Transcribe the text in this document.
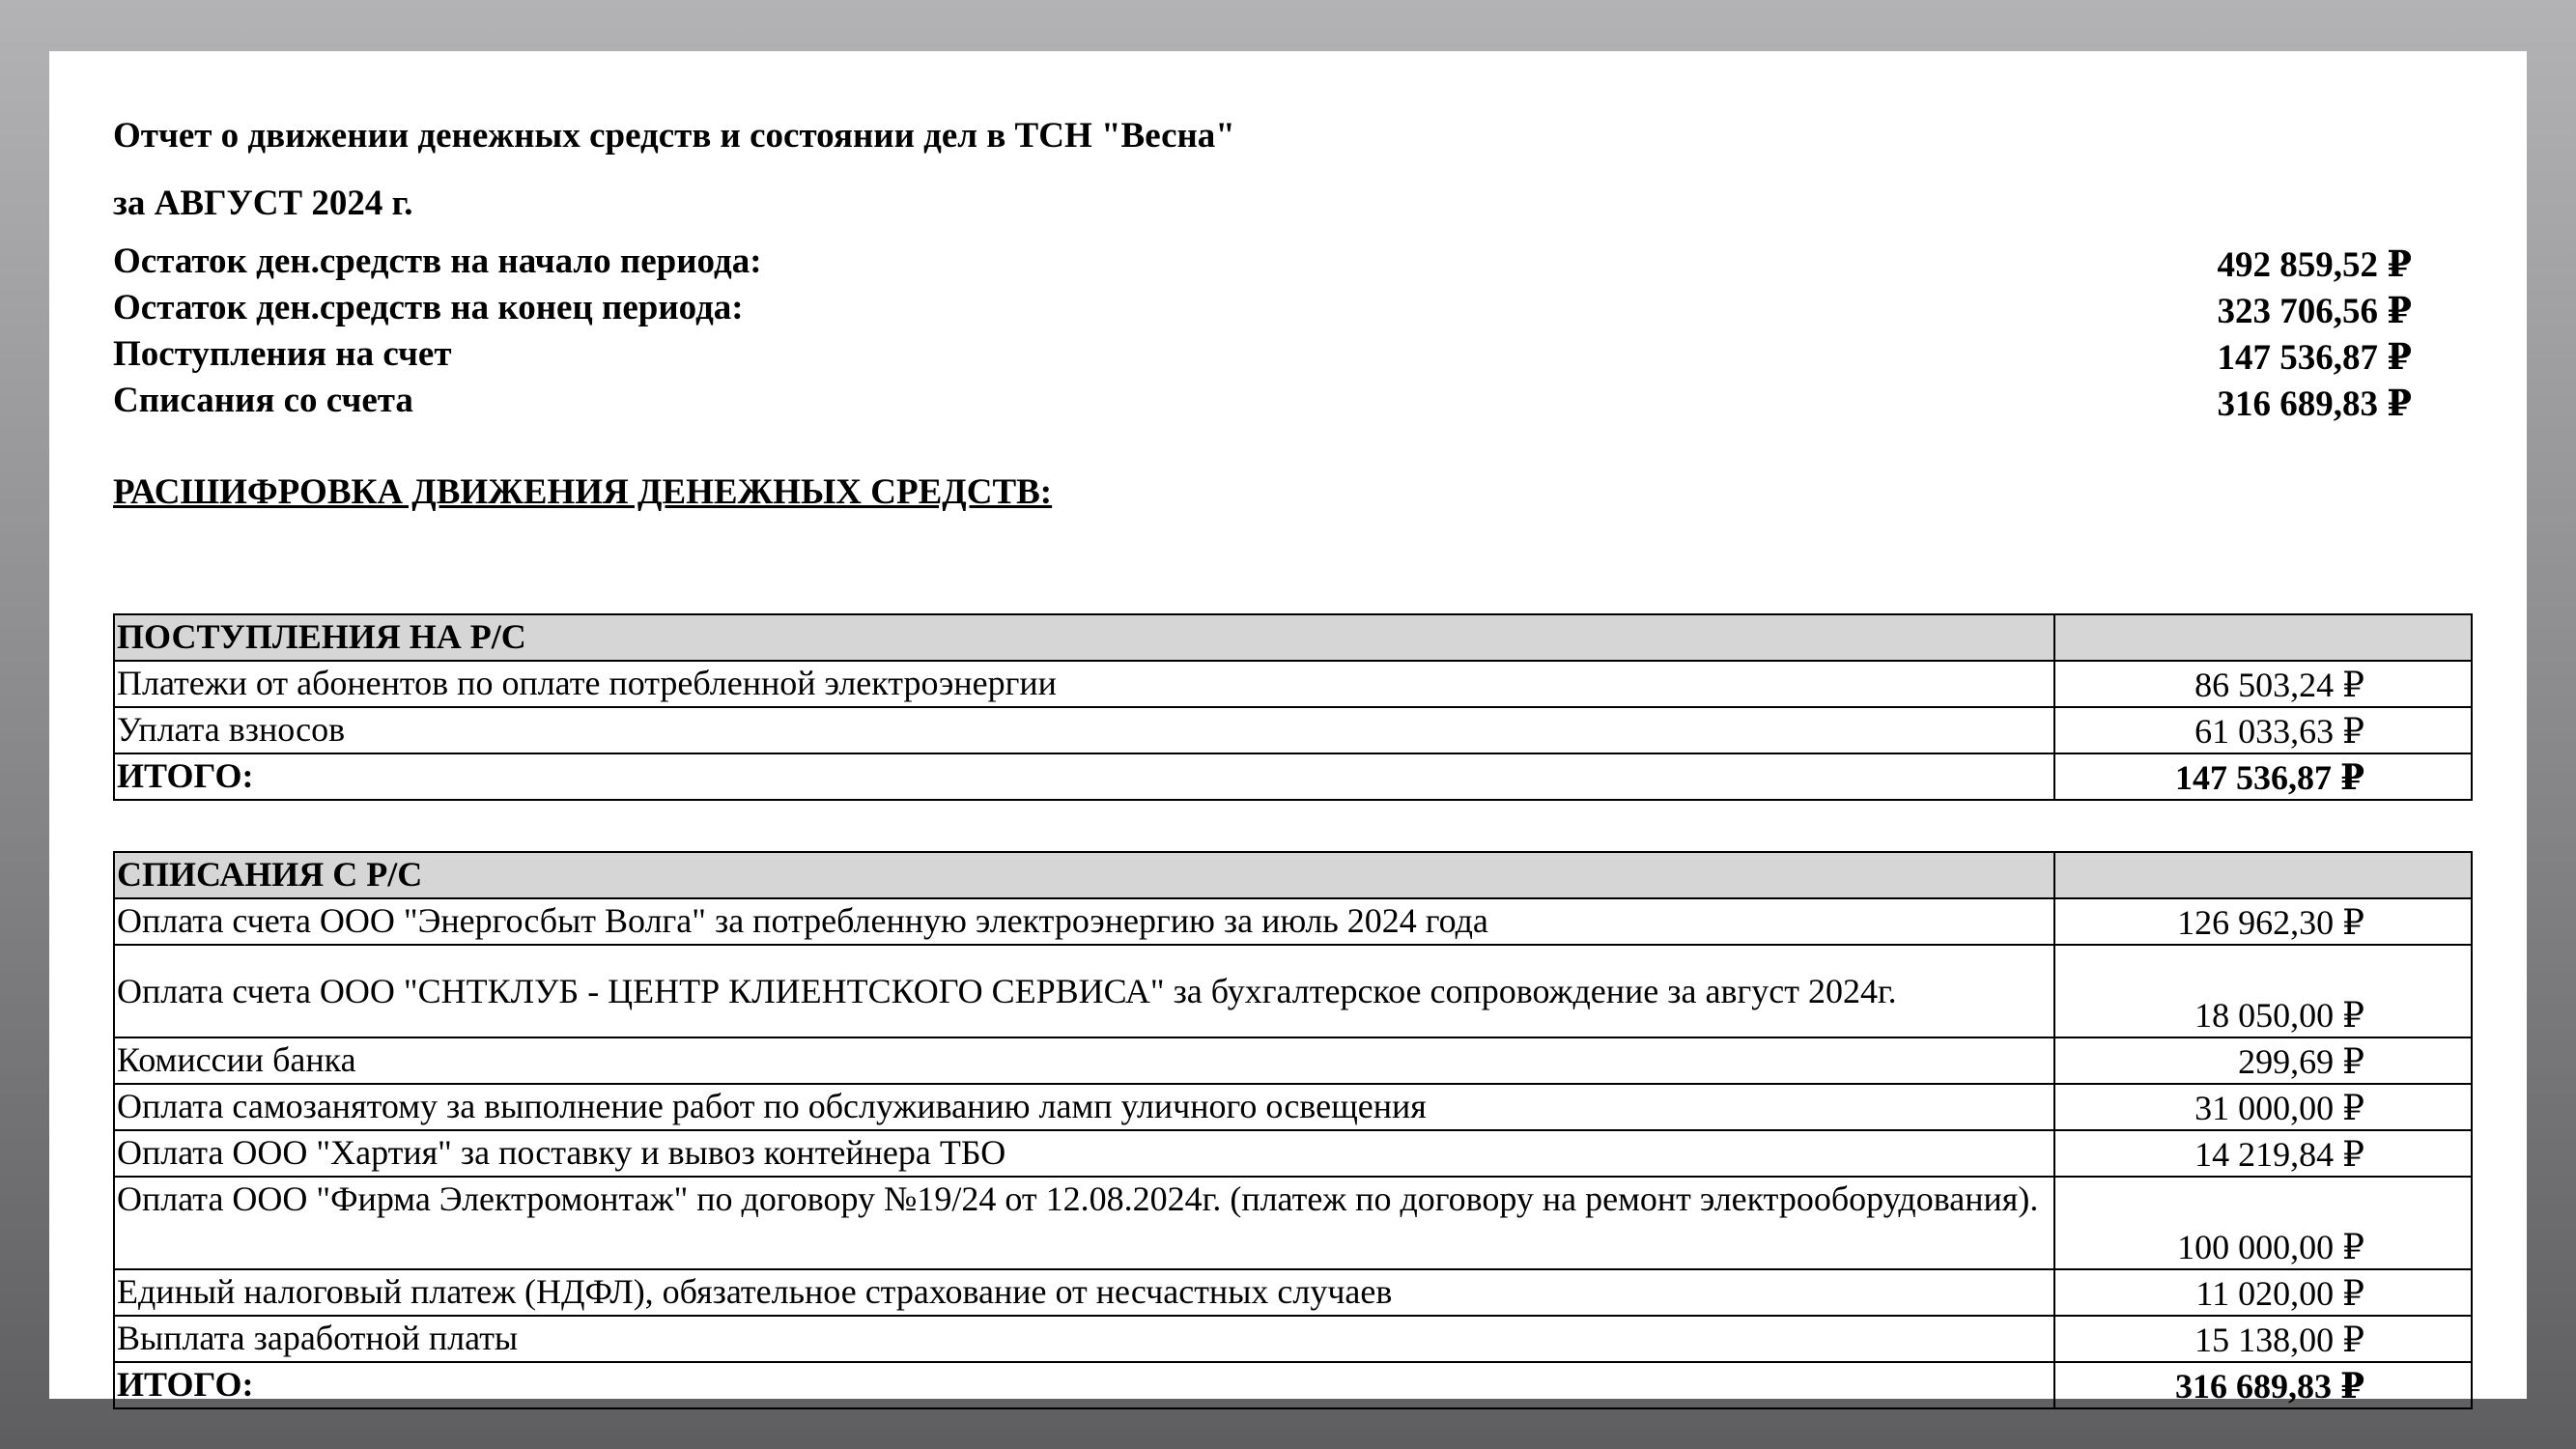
Отчет о движении денежных средств и состоянии дел в ТСН "Весна"
за АВГУСТ 2024 г.
Остаток ден.средств на начало периода:	492 859,52 ₽
Остаток ден.средств на конец периода:	323 706,56 ₽
Поступления на счет	147 536,87 ₽
Списания со счета	316 689,83 ₽
РАСШИФРОВКА ДВИЖЕНИЯ ДЕНЕЖНЫХ СРЕДСТВ:
ПОСТУПЛЕНИЯ НА Р/С	
Платежи от абонентов по оплате потребленной электроэнергии	86 503,24 ₽
Уплата взносов	61 033,63 ₽
ИТОГО:	147 536,87 ₽
СПИСАНИЯ С Р/С	
Оплата счета ООО "Энергосбыт Волга" за потребленную электроэнергию за июль 2024 года	126 962,30 ₽
Оплата счета ООО "СНТКЛУБ - ЦЕНТР КЛИЕНТСКОГО СЕРВИСА" за бухгалтерское сопровождение за август 2024г.	18 050,00 ₽
Комиссии банка	299,69 ₽
Оплата самозанятому за выполнение работ по обслуживанию ламп уличного освещения	31 000,00 ₽
Оплата ООО "Хартия" за поставку и вывоз контейнера ТБО	14 219,84 ₽
Оплата ООО "Фирма Электромонтаж" по договору №19/24 от 12.08.2024г. (платеж по договору на ремонт электрооборудования).	100 000,00 ₽
Единый налоговый платеж (НДФЛ), обязательное страхование от несчастных случаев	11 020,00 ₽
Выплата заработной платы	15 138,00 ₽
ИТОГО:	316 689,83 ₽
